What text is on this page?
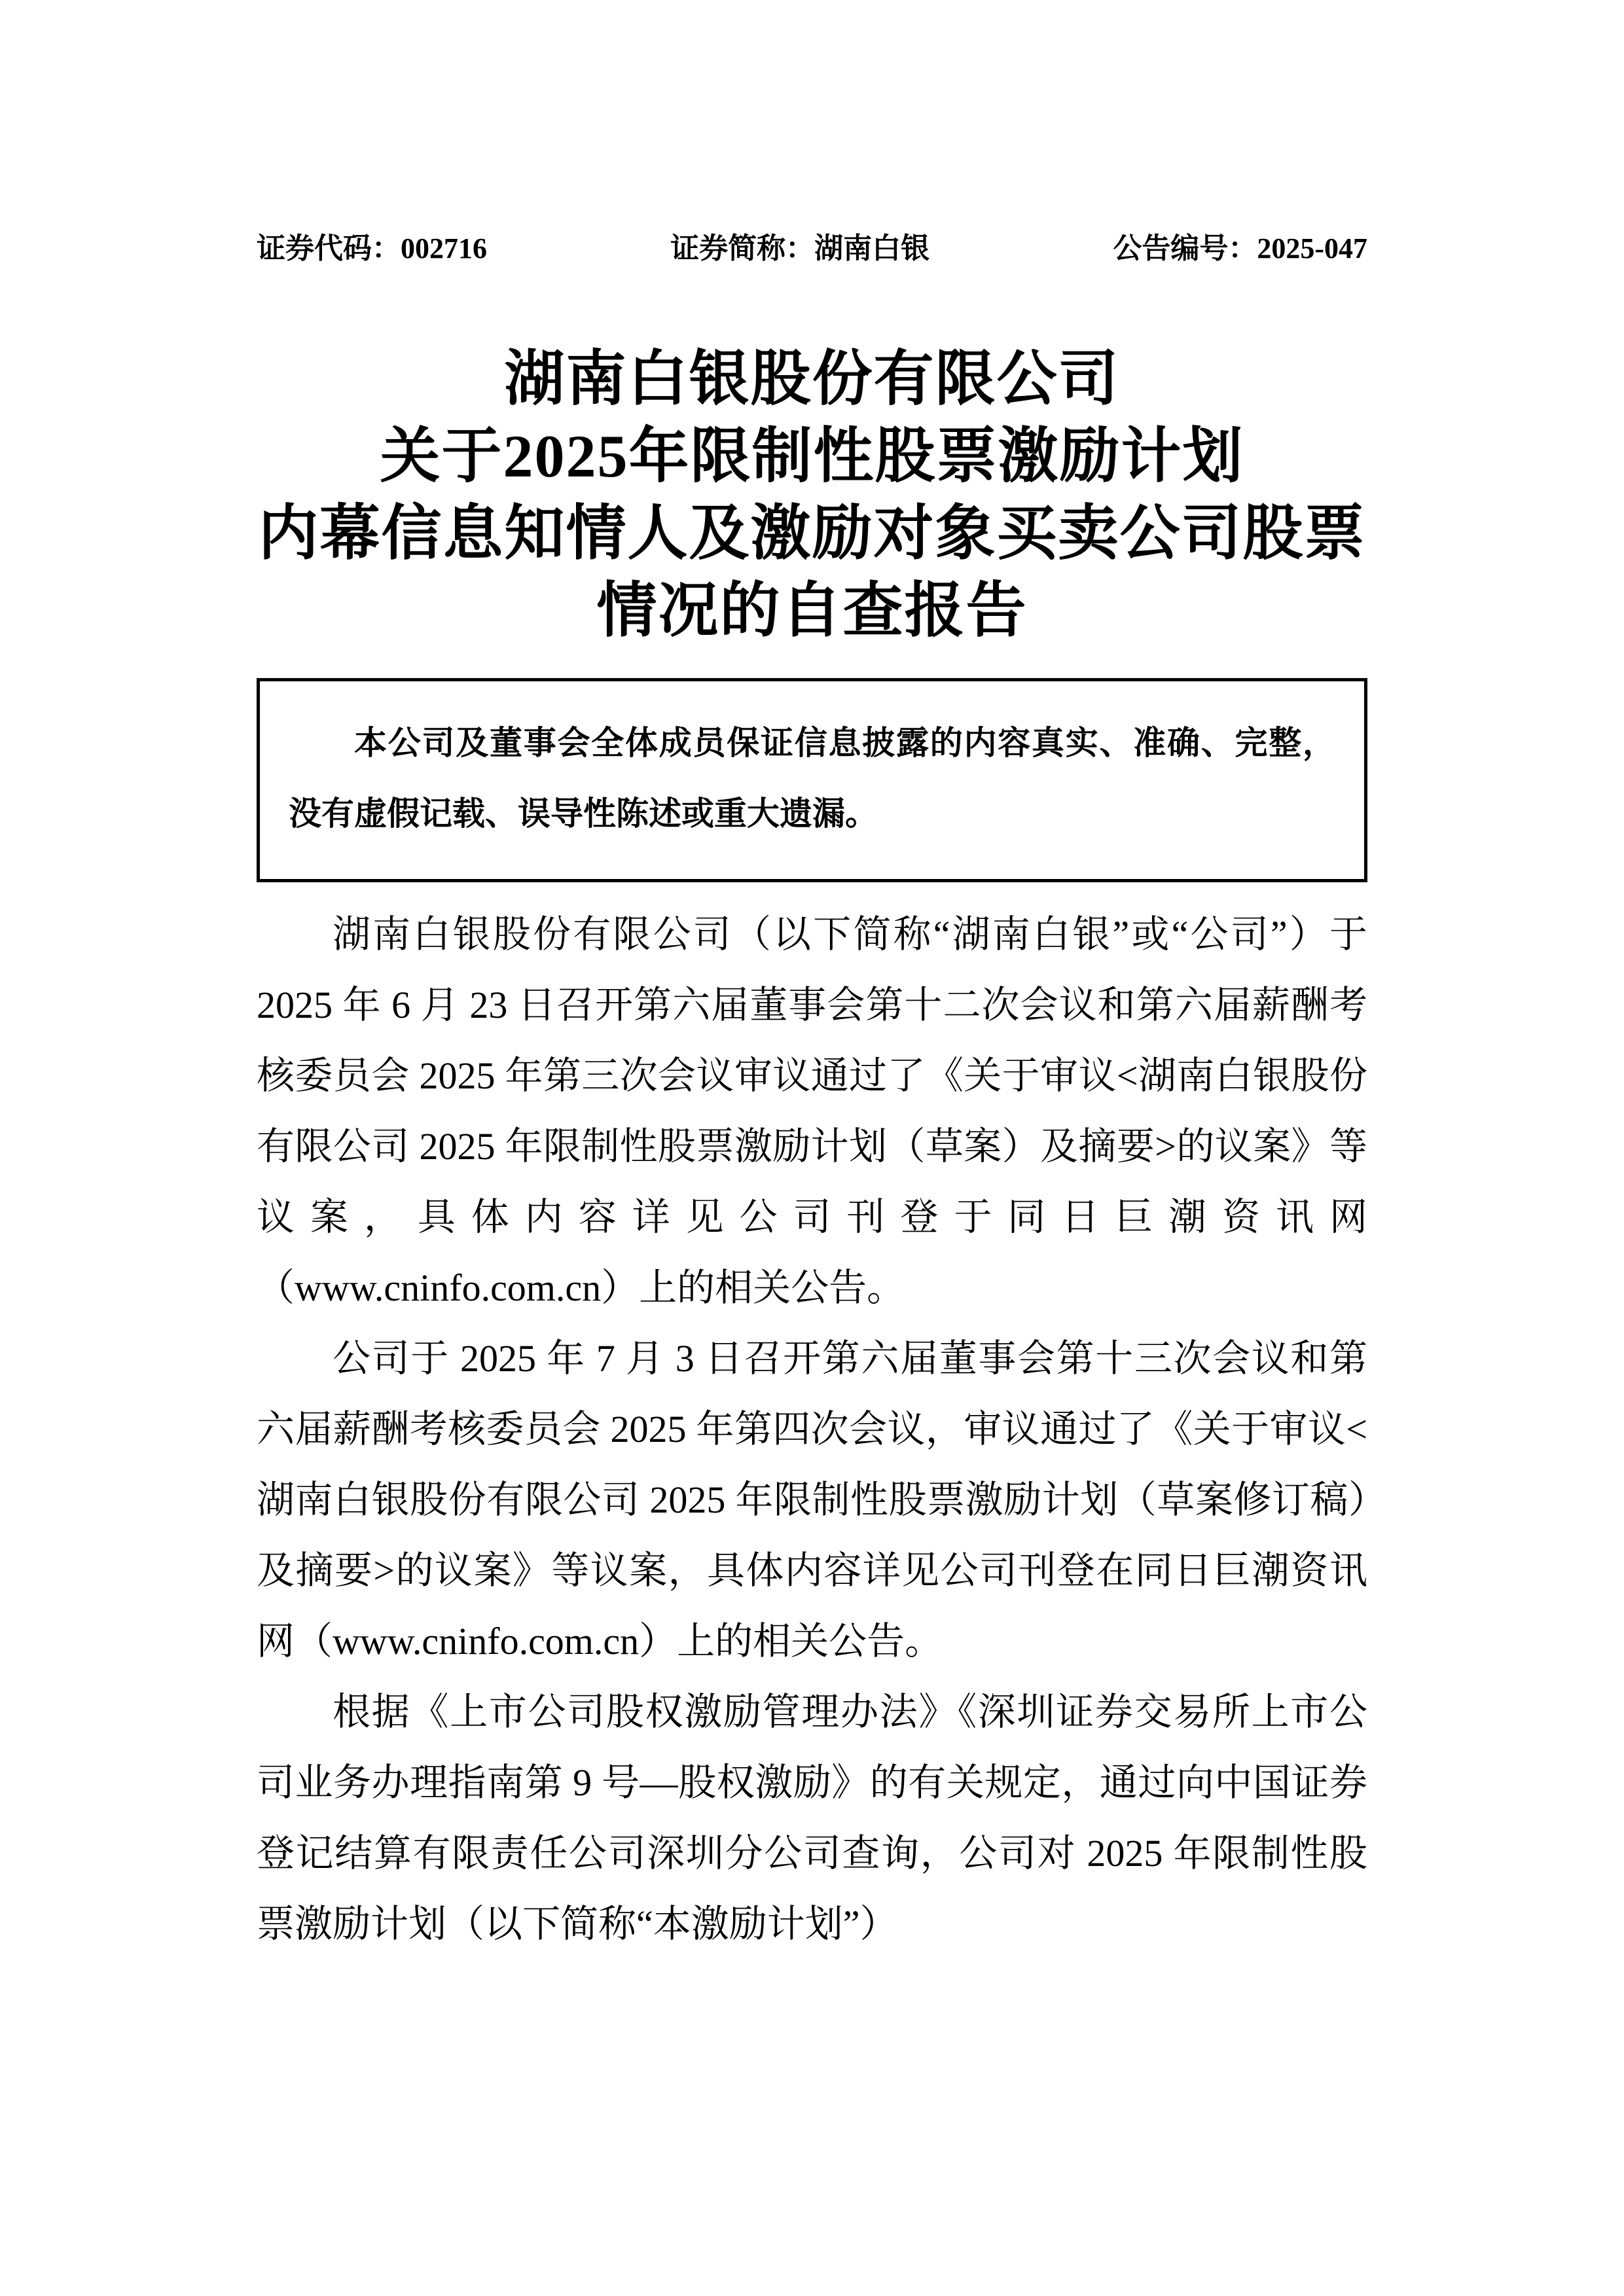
证券代码：002716	证券简称：湖南白银	公告编号：2025-047
湖南白银股份有限公司
关于2025年限制性股票激励计划
内幕信息知情人及激励对象买卖公司股票
情况的自查报告

本公司及董事会全体成员保证信息披露的内容真实、准确、完整，没有虚假记载、误导性陈述或重大遗漏。

湖南白银股份有限公司（以下简称“湖南白银”或“公司”）于 2025 年 6 月 23 日召开第六届董事会第十二次会议和第六届薪酬考核委员会 2025 年第三次会议审议通过了《关于审议<湖南白银股份有限公司 2025 年限制性股票激励计划（草案）及摘要>的议案》等议案，具体内容详见公司刊登于同日巨潮资讯网（www.cninfo.com.cn）上的相关公告。

公司于 2025 年 7 月 3 日召开第六届董事会第十三次会议和第六届薪酬考核委员会 2025 年第四次会议，审议通过了《关于审议<湖南白银股份有限公司 2025 年限制性股票激励计划（草案修订稿）及摘要>的议案》等议案，具体内容详见公司刊登在同日巨潮资讯网（www.cninfo.com.cn）上的相关公告。

根据《上市公司股权激励管理办法》《深圳证券交易所上市公司业务办理指南第 9 号—股权激励》的有关规定，通过向中国证券登记结算有限责任公司深圳分公司查询，公司对 2025 年限制性股票激励计划（以下简称“本激励计划”）
